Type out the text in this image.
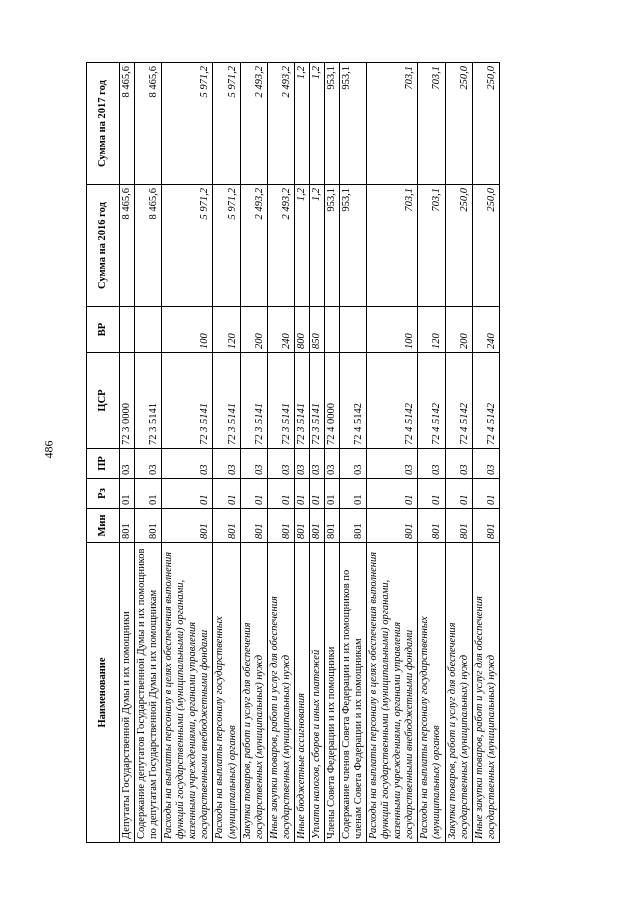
486
Наименование	Мин	Рз	ПР	ЦСР	ВР	Сумма на 2016 год	Сумма на 2017 год
Депутаты Государственной Думы и их помощники	801	01	03	72 3 0000		8 465,6	8 465,6
Содержание депутатов Государственной Думы и их помощников по депутатам Государственной Думы и их помощникам	801	01	03	72 3 5141		8 465,6	8 465,6
Расходы на выплаты персоналу в целях обеспечения выполнения функций государственными (муниципальными) органами, казенными учреждениями, органами управления государственными внебюджетными фондами	801	01	03	72 3 5141	100	5 971,2	5 971,2
Расходы на выплаты персоналу государственных (муниципальных) органов	801	01	03	72 3 5141	120	5 971,2	5 971,2
Закупка товаров, работ и услуг для обеспечения государственных (муниципальных) нужд	801	01	03	72 3 5141	200	2 493,2	2 493,2
Иные закупки товаров, работ и услуг для обеспечения государственных (муниципальных) нужд	801	01	03	72 3 5141	240	2 493,2	2 493,2
Иные бюджетные ассигнования	801	01	03	72 3 5141	800	1,2	1,2
Уплата налогов, сборов и иных платежей	801	01	03	72 3 5141	850	1,2	1,2
Члены Совета Федерации и их помощники	801	01	03	72 4 0000		953,1	953,1
Содержание членов Совета Федерации и их помощников по членам Совета Федерации и их помощникам	801	01	03	72 4 5142		953,1	953,1
Расходы на выплаты персоналу в целях обеспечения выполнения функций государственными (муниципальными) органами, казенными учреждениями, органами управления государственными внебюджетными фондами	801	01	03	72 4 5142	100	703,1	703,1
Расходы на выплаты персоналу государственных (муниципальных) органов	801	01	03	72 4 5142	120	703,1	703,1
Закупка товаров, работ и услуг для обеспечения государственных (муниципальных) нужд	801	01	03	72 4 5142	200	250,0	250,0
Иные закупки товаров, работ и услуг для обеспечения государственных (муниципальных) нужд	801	01	03	72 4 5142	240	250,0	250,0
